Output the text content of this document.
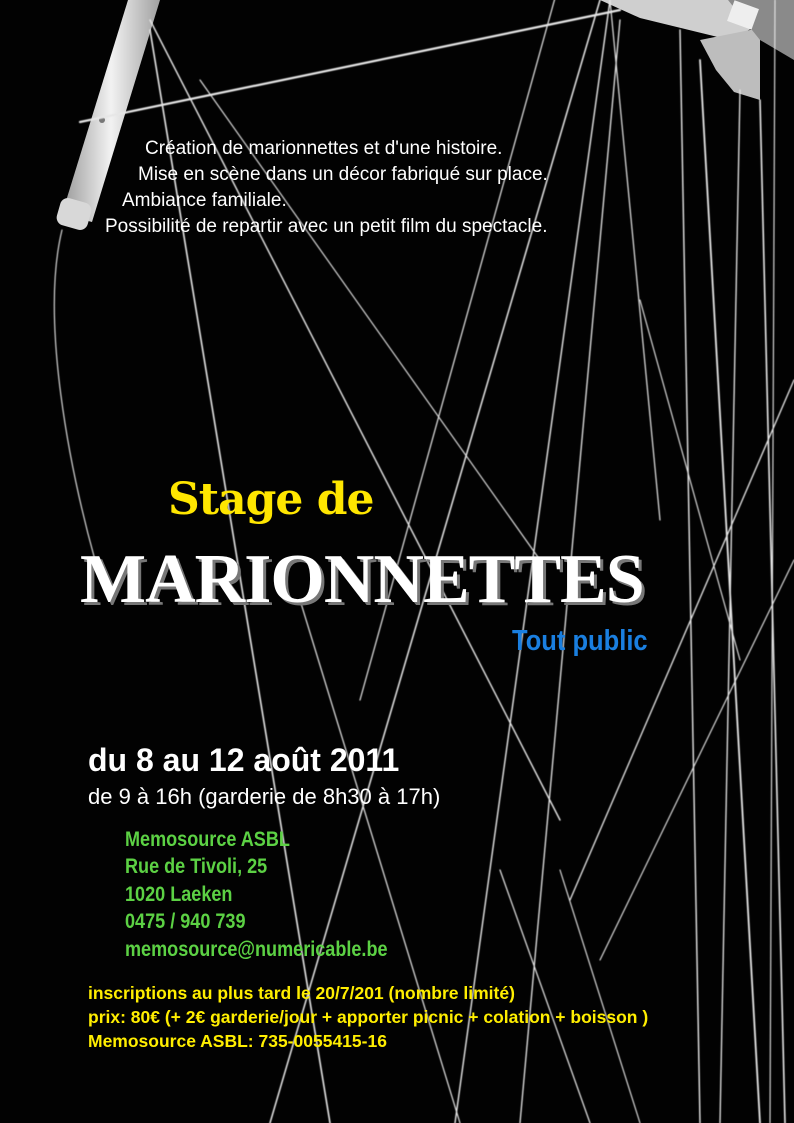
Création de marionnettes et d'une histoire.
Mise en scène dans un décor fabriqué sur place.
Ambiance familiale.
Possibilité de repartir avec un petit film du spectacle.
Stage de
MARIONNETTES
Tout public
du 8 au 12 août 2011
de 9 à 16h (garderie de 8h30 à 17h)
Memosource ASBL
Rue de Tivoli, 25
1020 Laeken
0475 / 940 739
memosource@numericable.be
inscriptions au plus tard le 20/7/201 (nombre limité)
prix: 80€ (+ 2€ garderie/jour + apporter picnic + colation + boisson )
Memosource ASBL: 735-0055415-16
